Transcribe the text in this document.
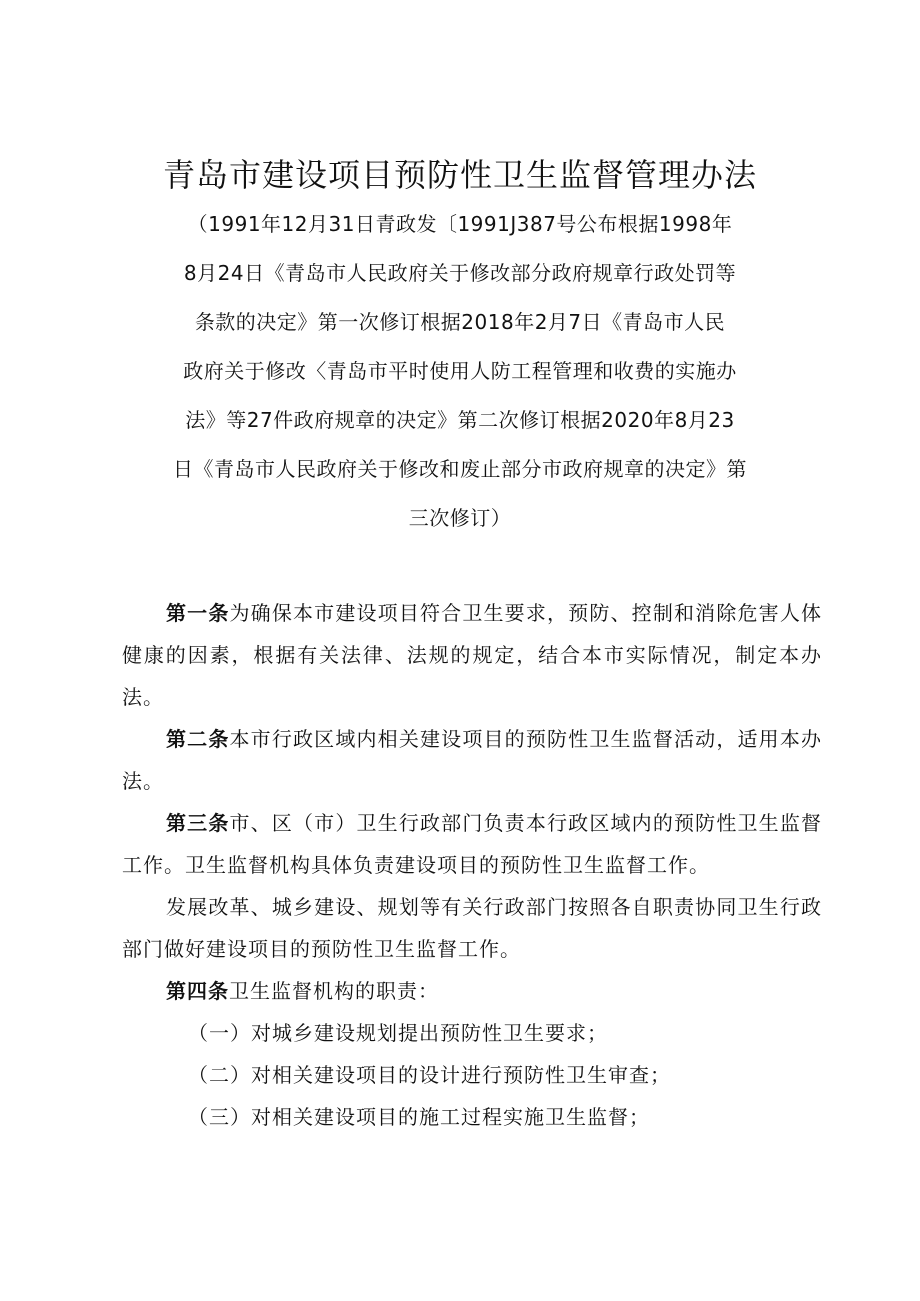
青岛市建设项目预防性卫生监督管理办法
（1991年12月31日青政发〔1991J387号公布根据1998年
8月24日《青岛市人民政府关于修改部分政府规章行政处罚等
条款的决定》第一次修订根据2018年2月7日《青岛市人民
政府关于修改〈青岛市平时使用人防工程管理和收费的实施办
法》等27件政府规章的决定》第二次修订根据2020年8月23
日《青岛市人民政府关于修改和废止部分市政府规章的决定》第
三次修订）

第一条为确保本市建设项目符合卫生要求，预防、控制和消除危害人体健康的因素，根据有关法律、法规的规定，结合本市实际情况，制定本办法。

第二条本市行政区域内相关建设项目的预防性卫生监督活动，适用本办法。

第三条市、区（市）卫生行政部门负责本行政区域内的预防性卫生监督工作。卫生监督机构具体负责建设项目的预防性卫生监督工作。

发展改革、城乡建设、规划等有关行政部门按照各自职责协同卫生行政部门做好建设项目的预防性卫生监督工作。

第四条卫生监督机构的职责：

（一）对城乡建设规划提出预防性卫生要求；

（二）对相关建设项目的设计进行预防性卫生审查；

（三）对相关建设项目的施工过程实施卫生监督；
